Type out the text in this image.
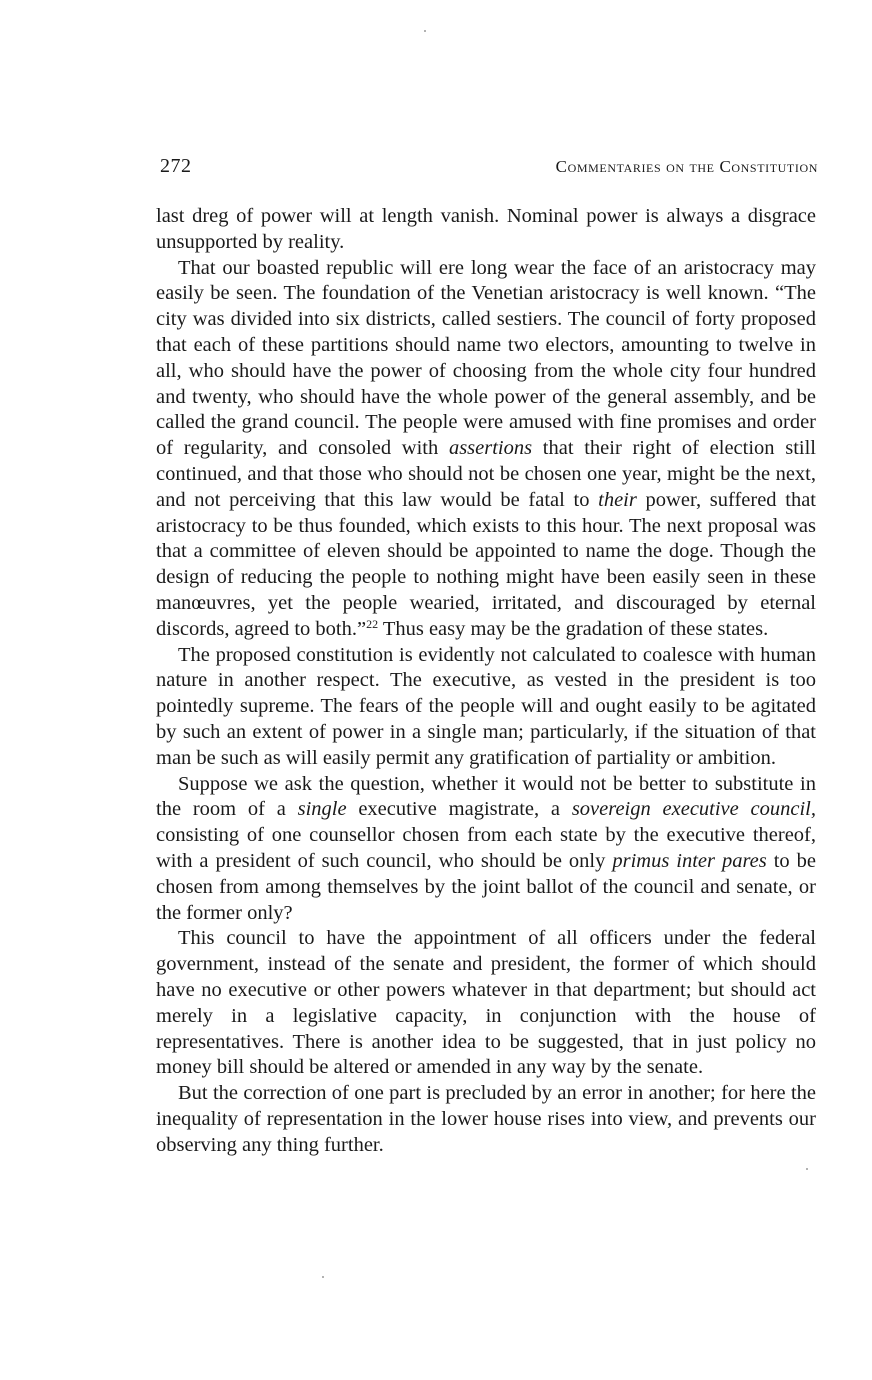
272	Commentaries on the Constitution

last dreg of power will at length vanish. Nominal power is always a disgrace unsupported by reality.

That our boasted republic will ere long wear the face of an aristocracy may easily be seen. The foundation of the Venetian aristocracy is well known. “The city was divided into six districts, called sestiers. The council of forty proposed that each of these partitions should name two electors, amounting to twelve in all, who should have the power of choosing from the whole city four hundred and twenty, who should have the whole power of the general assembly, and be called the grand council. The people were amused with fine promises and order of regularity, and consoled with assertions that their right of election still continued, and that those who should not be chosen one year, might be the next, and not perceiving that this law would be fatal to their power, suffered that aristocracy to be thus founded, which exists to this hour. The next proposal was that a committee of eleven should be appointed to name the doge. Though the design of reducing the people to nothing might have been easily seen in these manœuvres, yet the people wearied, irritated, and discouraged by eternal discords, agreed to both.”$^{22}$ Thus easy may be the gradation of these states.

The proposed constitution is evidently not calculated to coalesce with human nature in another respect. The executive, as vested in the president is too pointedly supreme. The fears of the people will and ought easily to be agitated by such an extent of power in a single man; particularly, if the situation of that man be such as will easily permit any gratification of partiality or ambition.

Suppose we ask the question, whether it would not be better to substitute in the room of a single executive magistrate, a sovereign executive council, consisting of one counsellor chosen from each state by the executive thereof, with a president of such council, who should be only primus inter pares to be chosen from among themselves by the joint ballot of the council and senate, or the former only?

This council to have the appointment of all officers under the federal government, instead of the senate and president, the former of which should have no executive or other powers whatever in that department; but should act merely in a legislative capacity, in conjunction with the house of representatives. There is another idea to be suggested, that in just policy no money bill should be altered or amended in any way by the senate.

But the correction of one part is precluded by an error in another; for here the inequality of representation in the lower house rises into view, and prevents our observing any thing further.
